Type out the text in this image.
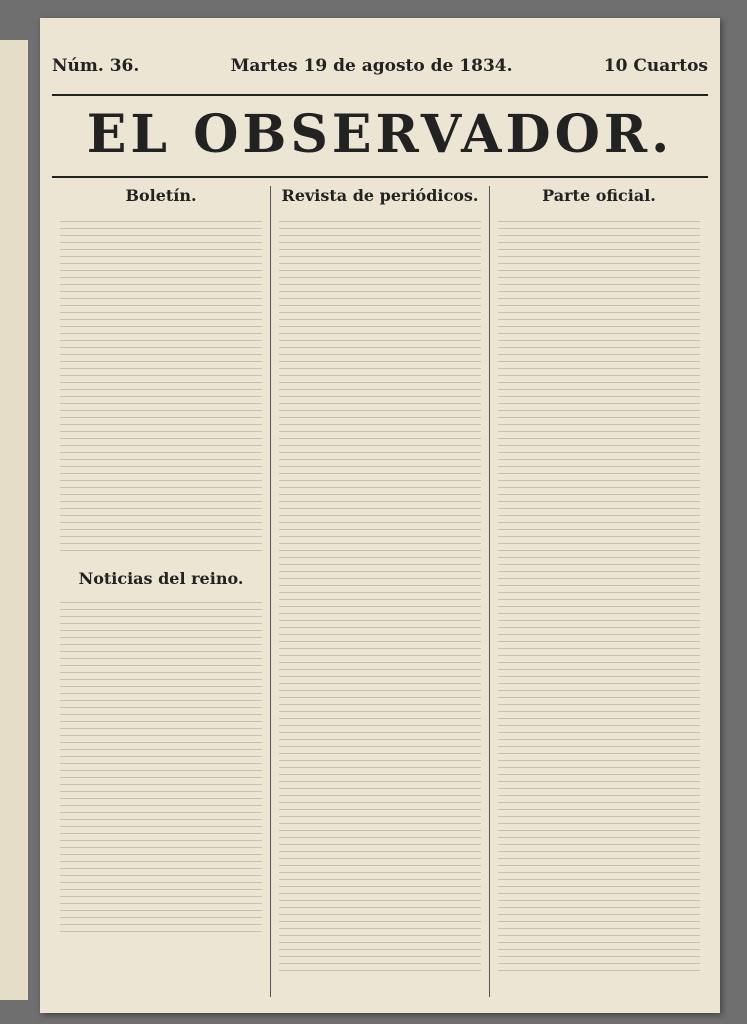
Núm. 36.	Martes 19 de agosto de 1834.	10 Cuartos
EL OBSERVADOR.
Boletín.
Noticias del reino.
Revista de periódicos.	Parte oficial.
